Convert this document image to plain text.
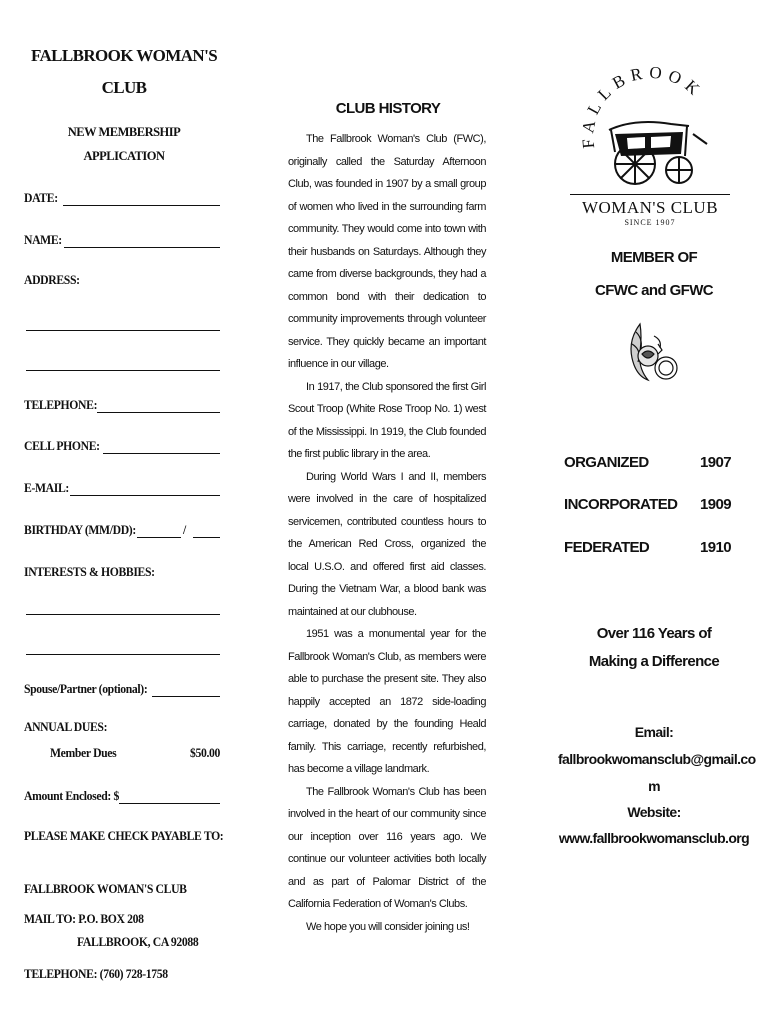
FALLBROOK WOMAN'S
CLUB
NEW MEMBERSHIP
APPLICATION
DATE:
NAME:
ADDRESS:
TELEPHONE:
CELL PHONE:
E-MAIL:
BIRTHDAY (MM/DD):	/
INTERESTS & HOBBIES:
Spouse/Partner (optional):
ANNUAL DUES:
Member Dues	$50.00
Amount Enclosed: $
PLEASE MAKE CHECK PAYABLE TO:
FALLBROOK WOMAN'S CLUB
MAIL TO: P.O. BOX 208
FALLBROOK, CA 92088
TELEPHONE: (760) 728-1758
CLUB HISTORY

The Fallbrook Woman's Club (FWC), originally called the Saturday Afternoon Club, was founded in 1907 by a small group of women who lived in the surrounding farm community. They would come into town with their husbands on Saturdays. Although they came from diverse backgrounds, they had a common bond with their dedication to community improvements through volunteer service. They quickly became an important influence in our village.

In 1917, the Club sponsored the first Girl Scout Troop (White Rose Troop No. 1) west of the Mississippi. In 1919, the Club founded the first public library in the area.

During World Wars I and II, members were involved in the care of hospitalized servicemen, contributed countless hours to the American Red Cross, organized the local U.S.O. and offered first aid classes. During the Vietnam War, a blood bank was maintained at our clubhouse.

1951 was a monumental year for the Fallbrook Woman's Club, as members were able to purchase the present site. They also happily accepted an 1872 side-loading carriage, donated by the founding Heald family. This carriage, recently refurbished, has become a village landmark.

The Fallbrook Woman's Club has been involved in the heart of our community since our inception over 116 years ago. We continue our volunteer activities both locally and as part of Palomar District of the California Federation of Woman's Clubs.

We hope you will consider joining us!

FALLBROOK
WOMAN'S CLUB
SINCE 1907
MEMBER OF
CFWC and GFWC
ORGANIZED	1907
INCORPORATED 1909
FEDERATED	1910
Over 116 Years of
Making a Difference
Email:
fallbrookwomansclub@gmail.co
m
Website:
www.fallbrookwomansclub.org
